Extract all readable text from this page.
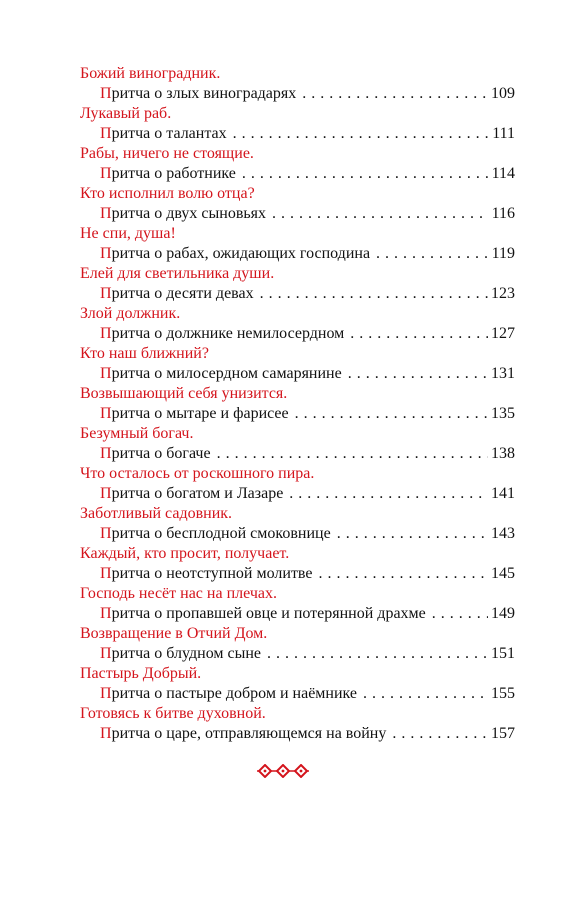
Божий виноградник.
Притча о злых виноградарях . . .	109
Лукавый раб.
Притча о талантах . . .	111
Рабы, ничего не стоящие.
Притча о работнике . . .	114
Кто исполнил волю отца?
Притча о двух сыновьях . . .	116
Не спи, душа!
Притча о рабах, ожидающих господина . . .	119
Елей для светильника души.
Притча о десяти девах . . .	123
Злой должник.
Притча о должнике немилосердном . . .	127
Кто наш ближний?
Притча о милосердном самарянине . . .	131
Возвышающий себя унизится.
Притча о мытаре и фарисее . . .	135
Безумный богач.
Притча о богаче . . .	138
Что осталось от роскошного пира.
Притча о богатом и Лазаре . . .	141
Заботливый садовник.
Притча о бесплодной смоковнице . . .	143
Каждый, кто просит, получает.
Притча о неотступной молитве . . .	145
Господь несёт нас на плечах.
Притча о пропавшей овце и потерянной драхме . . .	149
Возвращение в Отчий Дом.
Притча о блудном сыне . . .	151
Пастырь Добрый.
Притча о пастыре добром и наёмнике . . .	155
Готовясь к битве духовной.
Притча о царе, отправляющемся на войну . . .	157
